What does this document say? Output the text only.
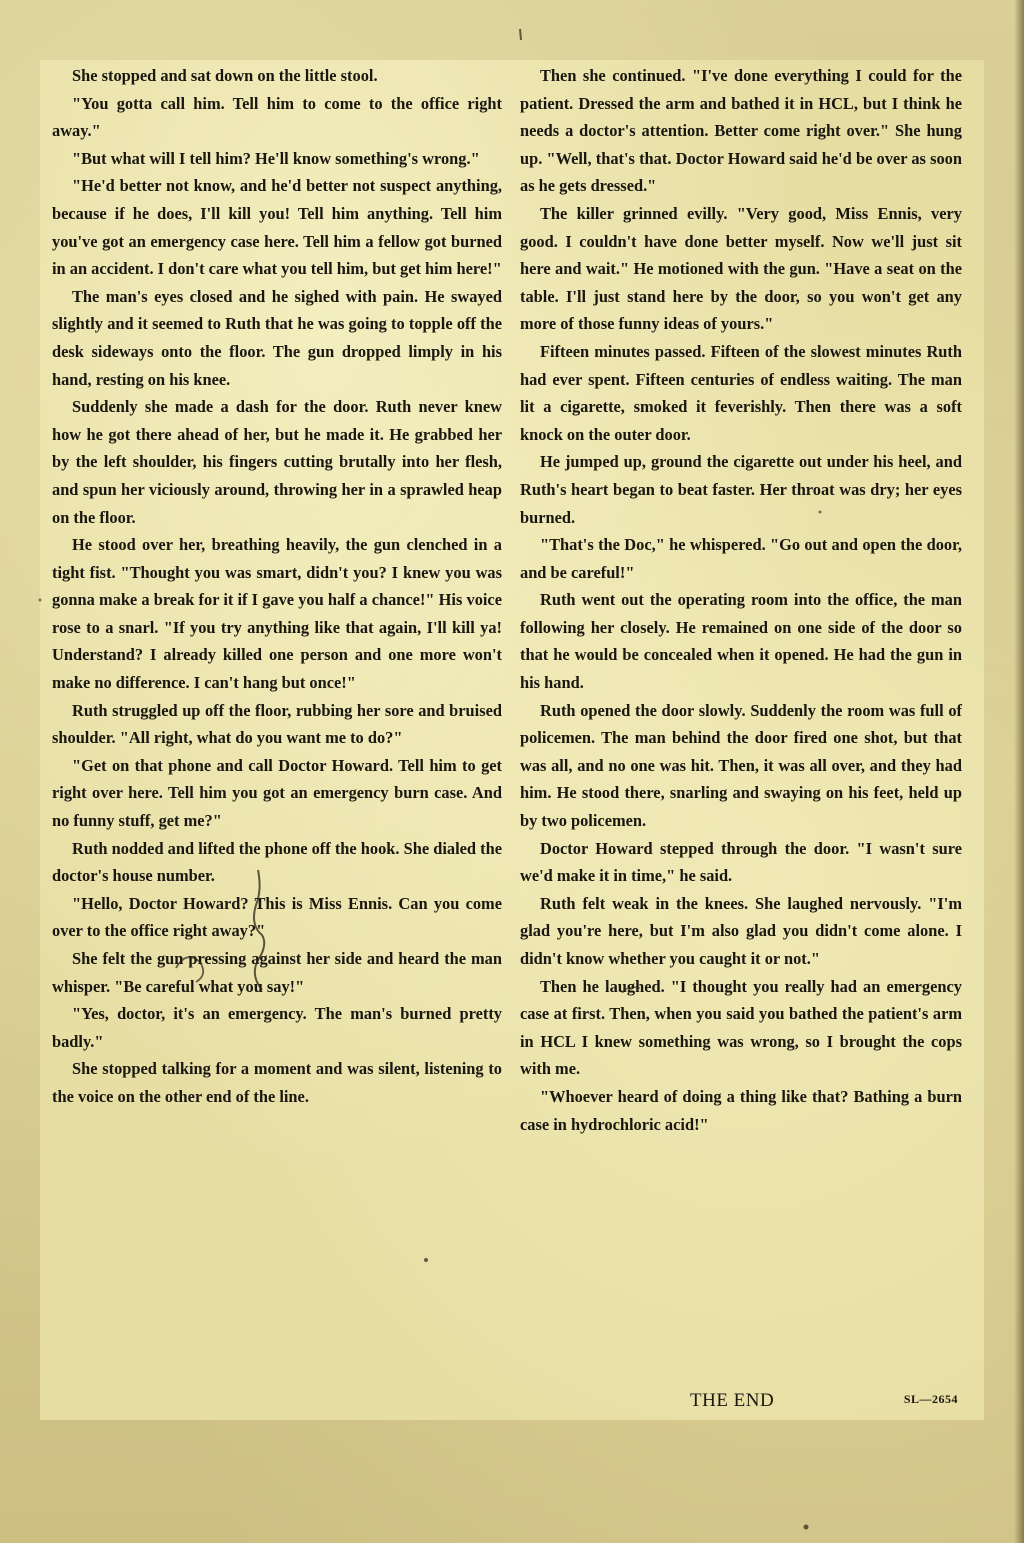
She stopped and sat down on the little stool.

"You gotta call him. Tell him to come to the office right away."

"But what will I tell him? He'll know something's wrong."

"He'd better not know, and he'd better not suspect anything, because if he does, I'll kill you! Tell him anything. Tell him you've got an emergency case here. Tell him a fellow got burned in an accident. I don't care what you tell him, but get him here!"

The man's eyes closed and he sighed with pain. He swayed slightly and it seemed to Ruth that he was going to topple off the desk sideways onto the floor. The gun dropped limply in his hand, resting on his knee.

Suddenly she made a dash for the door. Ruth never knew how he got there ahead of her, but he made it. He grabbed her by the left shoulder, his fingers cutting brutally into her flesh, and spun her viciously around, throwing her in a sprawled heap on the floor.

He stood over her, breathing heavily, the gun clenched in a tight fist. "Thought you was smart, didn't you? I knew you was gonna make a break for it if I gave you half a chance!" His voice rose to a snarl. "If you try anything like that again, I'll kill ya! Understand? I already killed one person and one more won't make no difference. I can't hang but once!"

Ruth struggled up off the floor, rubbing her sore and bruised shoulder. "All right, what do you want me to do?"

"Get on that phone and call Doctor Howard. Tell him to get right over here. Tell him you got an emergency burn case. And no funny stuff, get me?"

Ruth nodded and lifted the phone off the hook. She dialed the doctor's house number.

"Hello, Doctor Howard? This is Miss Ennis. Can you come over to the office right away?"

She felt the gun pressing against her side and heard the man whisper. "Be careful what you say!"

"Yes, doctor, it's an emergency. The man's burned pretty badly."

She stopped talking for a moment and was silent, listening to the voice on the other end of the line.

Then she continued. "I've done everything I could for the patient. Dressed the arm and bathed it in HCL, but I think he needs a doctor's attention. Better come right over." She hung up. "Well, that's that. Doctor Howard said he'd be over as soon as he gets dressed."

The killer grinned evilly. "Very good, Miss Ennis, very good. I couldn't have done better myself. Now we'll just sit here and wait." He motioned with the gun. "Have a seat on the table. I'll just stand here by the door, so you won't get any more of those funny ideas of yours."

Fifteen minutes passed. Fifteen of the slowest minutes Ruth had ever spent. Fifteen centuries of endless waiting. The man lit a cigarette, smoked it feverishly. Then there was a soft knock on the outer door.

He jumped up, ground the cigarette out under his heel, and Ruth's heart began to beat faster. Her throat was dry; her eyes burned.

"That's the Doc," he whispered. "Go out and open the door, and be careful!"

Ruth went out the operating room into the office, the man following her closely. He remained on one side of the door so that he would be concealed when it opened. He had the gun in his hand.

Ruth opened the door slowly. Suddenly the room was full of policemen. The man behind the door fired one shot, but that was all, and no one was hit. Then, it was all over, and they had him. He stood there, snarling and swaying on his feet, held up by two policemen.

Doctor Howard stepped through the door. "I wasn't sure we'd make it in time," he said.

Ruth felt weak in the knees. She laughed nervously. "I'm glad you're here, but I'm also glad you didn't come alone. I didn't know whether you caught it or not."

Then he laughed. "I thought you really had an emergency case at first. Then, when you said you bathed the patient's arm in HCL I knew something was wrong, so I brought the cops with me.

"Whoever heard of doing a thing like that? Bathing a burn case in hydrochloric acid!"

THE END	SL—2654
